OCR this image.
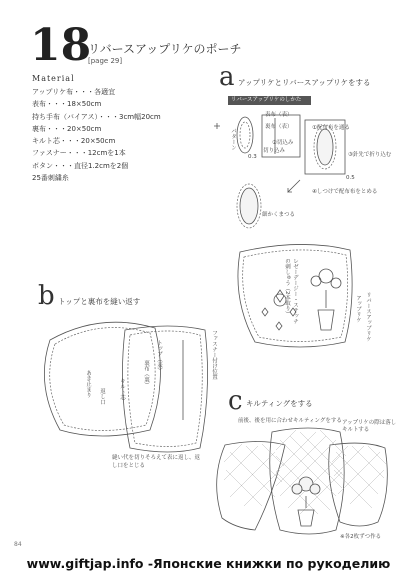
18
リバースアップリケのポーチ
[page 29]
Material
アップリケ布・・・各適宜
表布・・・18×50cm
持ち手布（バイアス）・・・3cm幅20cm
裏布・・・20×50cm
キルト芯・・・20×50cm
ファスナー・・・12cmを1本
ボタン・・・直径1.2cmを2個
25番刺繍糸
a アップリケとリバースアップリケをする
リバースアップリケのしかた
表布（表）
裏布（表）
切り込み
パターン	①配布布を通る
②切込み
③針先で折り込む
④しつけで配布布をとめる
0.3
0.5
細かくまつる
レゼーデージー・ステッチの刺しゅう（2本取り）
リバースアップリケ
アップリケ
b トップと裏布を縫い返す
あき止まり 返し口
トップ（表）
裏布（裏）
キルト芯
ファスナー付け位置
縫い代を切りそろえて表に返し、返し口をとじる
c キルティングをする
前後、後を用に合わせキルティングをする アップリケの際は落しキルトする
※各2枚ずつ作る
84
www.giftjap.info -Японские книжки по рукоделию
